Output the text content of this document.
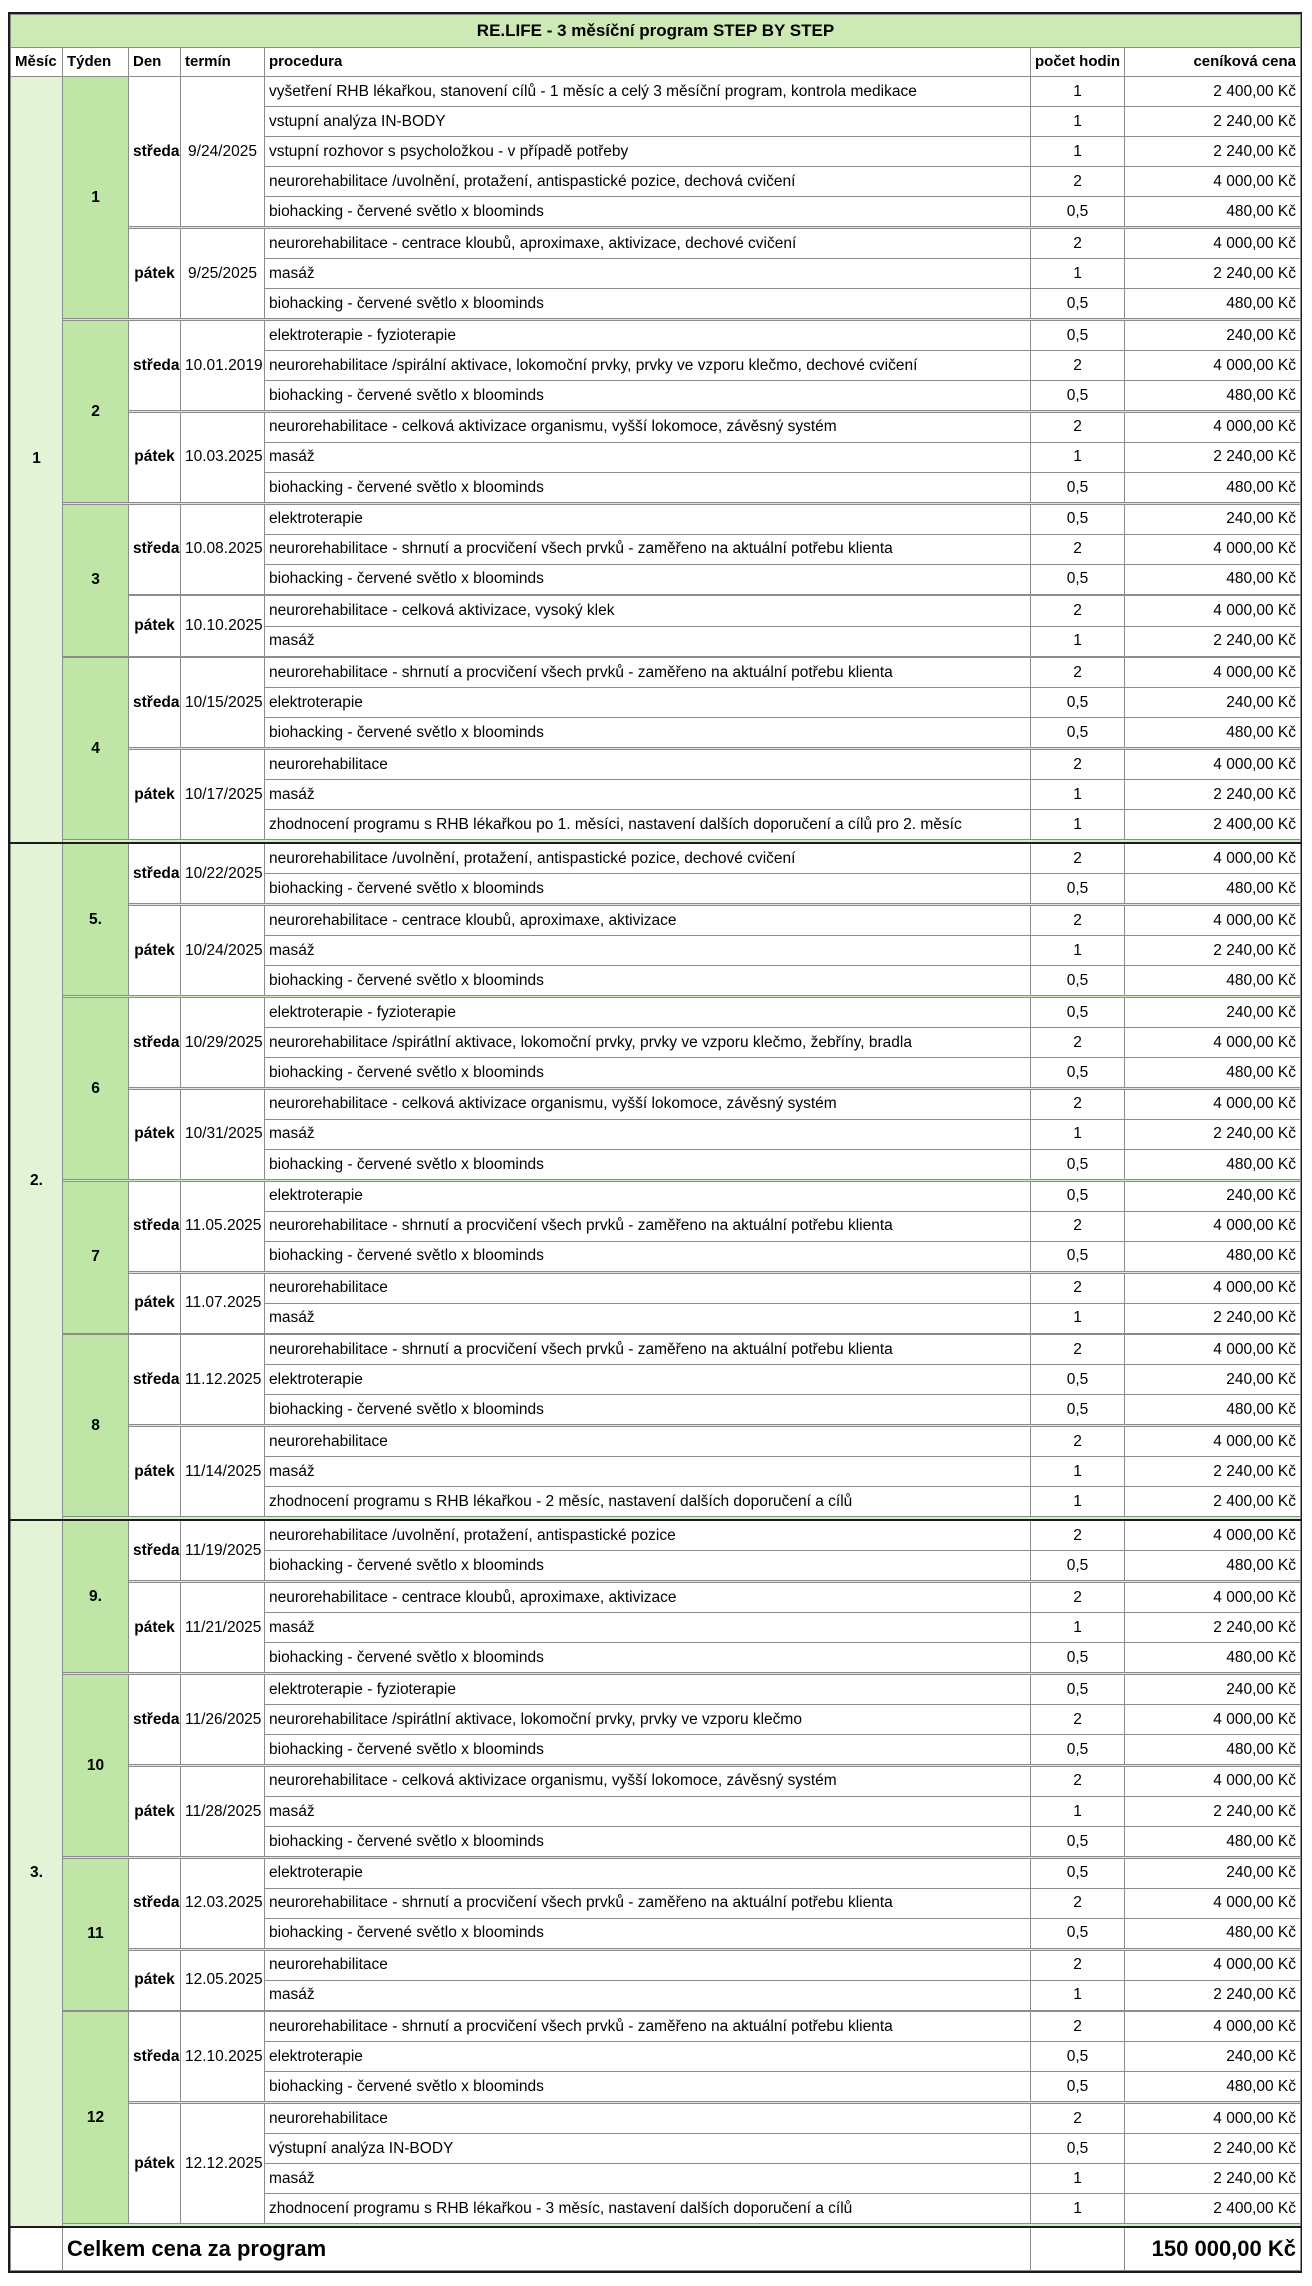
RE.LIFE - 3 měsíční program STEP BY STEP						
Měsíc	Týden	Den	termín	procedura	počet hodin	ceníková cena
1	1	středa	9/24/2025	vyšetření RHB lékařkou, stanovení cílů - 1 měsíc a celý 3 měsíční program, kontrola medikace	1	2 400,00 Kč
				vstupní analýza IN-BODY	1	2 240,00 Kč
				vstupní rozhovor s psycholožkou - v případě potřeby	1	2 240,00 Kč
				neurorehabilitace /uvolnění, protažení, antispastické pozice, dechová cvičení	2	4 000,00 Kč
				biohacking - červené světlo x bloominds	0,5	480,00 Kč

		pátek	9/25/2025	neurorehabilitace - centrace kloubů, aproximaxe, aktivizace, dechové cvičení	2	4 000,00 Kč
				masáž	1	2 240,00 Kč
				biohacking - červené světlo x bloominds	0,5	480,00 Kč

	2	středa	10.01.2019	elektroterapie - fyzioterapie	0,5	240,00 Kč
				neurorehabilitace /spirální aktivace, lokomoční prvky, prvky ve vzporu klečmo, dechové cvičení	2	4 000,00 Kč
				biohacking - červené světlo x bloominds	0,5	480,00 Kč

		pátek	10.03.2025	neurorehabilitace - celková aktivizace organismu, vyšší lokomoce, závěsný systém	2	4 000,00 Kč
				masáž	1	2 240,00 Kč
				biohacking - červené světlo x bloominds	0,5	480,00 Kč

	3	středa	10.08.2025	elektroterapie	0,5	240,00 Kč
				neurorehabilitace - shrnutí a procvičení všech prvků - zaměřeno na aktuální potřebu klienta	2	4 000,00 Kč
				biohacking - červené světlo x bloominds	0,5	480,00 Kč

		pátek	10.10.2025	neurorehabilitace - celková aktivizace, vysoký klek	2	4 000,00 Kč
				masáž	1	2 240,00 Kč

	4	středa	10/15/2025	neurorehabilitace - shrnutí a procvičení všech prvků - zaměřeno na aktuální potřebu klienta	2	4 000,00 Kč
				elektroterapie	0,5	240,00 Kč
				biohacking - červené světlo x bloominds	0,5	480,00 Kč

		pátek	10/17/2025	neurorehabilitace	2	4 000,00 Kč
				masáž	1	2 240,00 Kč
				zhodnocení programu s RHB lékařkou po 1. měsíci, nastavení dalších doporučení a cílů pro 2. měsíc	1	2 400,00 Kč

2.	5.	středa	10/22/2025	neurorehabilitace /uvolnění, protažení, antispastické pozice, dechové cvičení	2	4 000,00 Kč
				biohacking - červené světlo x bloominds	0,5	480,00 Kč

		pátek	10/24/2025	neurorehabilitace - centrace kloubů, aproximaxe, aktivizace	2	4 000,00 Kč
				masáž	1	2 240,00 Kč
				biohacking - červené světlo x bloominds	0,5	480,00 Kč

	6	středa	10/29/2025	elektroterapie - fyzioterapie	0,5	240,00 Kč
				neurorehabilitace /spirátlní aktivace, lokomoční prvky, prvky ve vzporu klečmo, žebříny, bradla	2	4 000,00 Kč
				biohacking - červené světlo x bloominds	0,5	480,00 Kč

		pátek	10/31/2025	neurorehabilitace - celková aktivizace organismu, vyšší lokomoce, závěsný systém	2	4 000,00 Kč
				masáž	1	2 240,00 Kč
				biohacking - červené světlo x bloominds	0,5	480,00 Kč

	7	středa	11.05.2025	elektroterapie	0,5	240,00 Kč
				neurorehabilitace - shrnutí a procvičení všech prvků - zaměřeno na aktuální potřebu klienta	2	4 000,00 Kč
				biohacking - červené světlo x bloominds	0,5	480,00 Kč

		pátek	11.07.2025	neurorehabilitace	2	4 000,00 Kč
				masáž	1	2 240,00 Kč

	8	středa	11.12.2025	neurorehabilitace - shrnutí a procvičení všech prvků - zaměřeno na aktuální potřebu klienta	2	4 000,00 Kč
				elektroterapie	0,5	240,00 Kč
				biohacking - červené světlo x bloominds	0,5	480,00 Kč

		pátek	11/14/2025	neurorehabilitace	2	4 000,00 Kč
				masáž	1	2 240,00 Kč
				zhodnocení programu s RHB lékařkou - 2 měsíc, nastavení dalších doporučení a cílů	1	2 400,00 Kč

3.	9.	středa	11/19/2025	neurorehabilitace /uvolnění, protažení, antispastické pozice	2	4 000,00 Kč
				biohacking - červené světlo x bloominds	0,5	480,00 Kč

		pátek	11/21/2025	neurorehabilitace - centrace kloubů, aproximaxe, aktivizace	2	4 000,00 Kč
				masáž	1	2 240,00 Kč
				biohacking - červené světlo x bloominds	0,5	480,00 Kč

	10	středa	11/26/2025	elektroterapie - fyzioterapie	0,5	240,00 Kč
				neurorehabilitace /spirátlní aktivace, lokomoční prvky, prvky ve vzporu klečmo	2	4 000,00 Kč
				biohacking - červené světlo x bloominds	0,5	480,00 Kč

		pátek	11/28/2025	neurorehabilitace - celková aktivizace organismu, vyšší lokomoce, závěsný systém	2	4 000,00 Kč
				masáž	1	2 240,00 Kč
				biohacking - červené světlo x bloominds	0,5	480,00 Kč

	11	středa	12.03.2025	elektroterapie	0,5	240,00 Kč
				neurorehabilitace - shrnutí a procvičení všech prvků - zaměřeno na aktuální potřebu klienta	2	4 000,00 Kč
				biohacking - červené světlo x bloominds	0,5	480,00 Kč

		pátek	12.05.2025	neurorehabilitace	2	4 000,00 Kč
				masáž	1	2 240,00 Kč

	12	středa	12.10.2025	neurorehabilitace - shrnutí a procvičení všech prvků - zaměřeno na aktuální potřebu klienta	2	4 000,00 Kč
				elektroterapie	0,5	240,00 Kč
				biohacking - červené světlo x bloominds	0,5	480,00 Kč

		pátek	12.12.2025	neurorehabilitace	2	4 000,00 Kč
				výstupní analýza IN-BODY	0,5	2 240,00 Kč
				masáž	1	2 240,00 Kč
				zhodnocení programu s RHB lékařkou - 3 měsíc, nastavení dalších doporučení a cílů	1	2 400,00 Kč

	Celkem cena za program					150 000,00 Kč
